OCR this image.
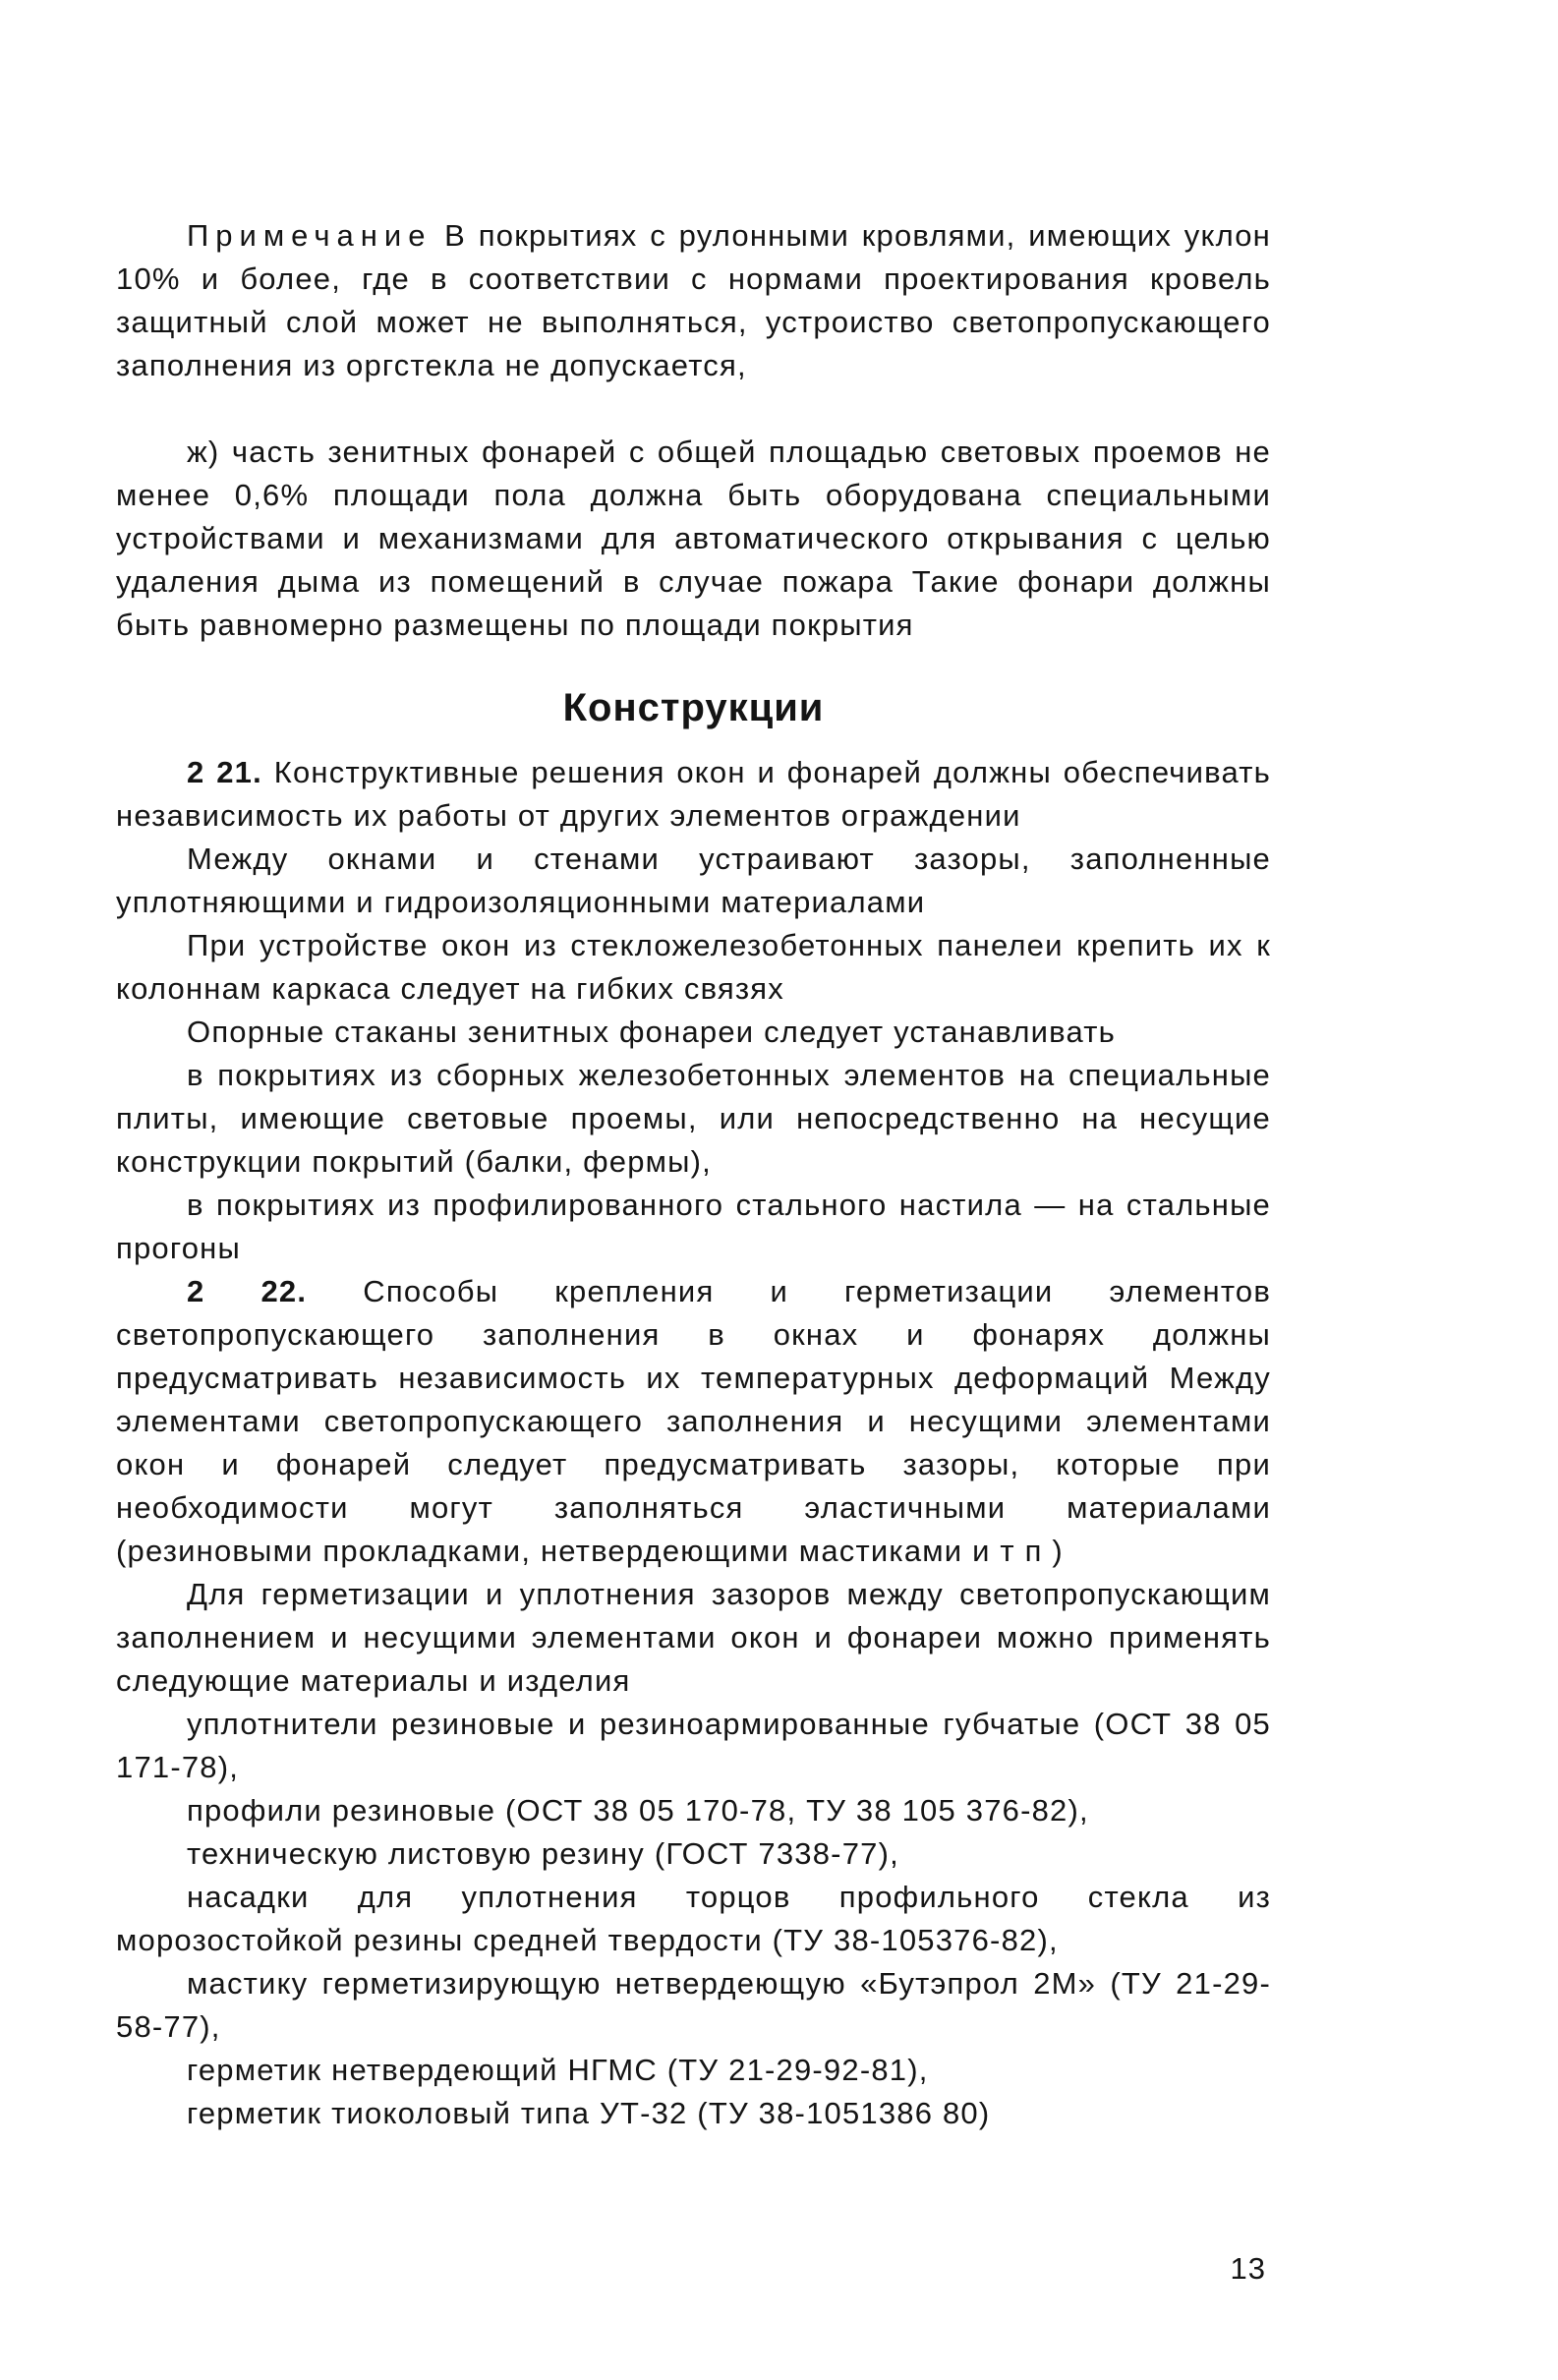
Примечание В покрытиях с рулонными кровлями, имеющих уклон 10% и более, где в соответствии с нормами проектирования кровель защитный слой может не выполняться, устроиство светопропускающего заполнения из оргстекла не допускается,

ж) часть зенитных фонарей с общей площадью световых проемов не менее 0,6% площади пола должна быть оборудована специальными устройствами и механизмами для автоматического открывания с целью удаления дыма из помещений в случае пожара Такие фонари должны быть равномерно размещены по площади покрытия

Конструкции

2 21. Конструктивные решения окон и фонарей должны обеспечивать независимость их работы от других элементов ограждении

Между окнами и стенами устраивают зазоры, заполненные уплотняющими и гидроизоляционными материалами

При устройстве окон из стекложелезобетонных панелеи крепить их к колоннам каркаса следует на гибких связях

Опорные стаканы зенитных фонареи следует устанавливать

в покрытиях из сборных железобетонных элементов на специальные плиты, имеющие световые проемы, или непосредственно на несущие конструкции покрытий (балки, фермы),

в покрытиях из профилированного стального настила — на стальные прогоны

2 22. Способы крепления и герметизации элементов светопропускающего заполнения в окнах и фонарях должны предусматривать независимость их температурных деформаций Между элементами светопропускающего заполнения и несущими элементами окон и фонарей следует предусматривать зазоры, которые при необходимости могут заполняться эластичными материалами (резиновыми прокладками, нетвердеющими мастиками и т п )

Для герметизации и уплотнения зазоров между светопропускающим заполнением и несущими элементами окон и фонареи можно применять следующие материалы и изделия

уплотнители резиновые и резиноармированные губчатые (ОСТ 38 05 171-78),

профили резиновые (ОСТ 38 05 170-78, ТУ 38 105 376-82),

техническую листовую резину (ГОСТ 7338-77),

насадки для уплотнения торцов профильного стекла из морозостойкой резины средней твердости (ТУ 38-105376-82),

мастику герметизирующую нетвердеющую «Бутэпрол 2М» (ТУ 21-29-58-77),

герметик нетвердеющий НГМС (ТУ 21-29-92-81),

герметик тиоколовый типа УТ-32 (ТУ 38-1051386 80)

13
